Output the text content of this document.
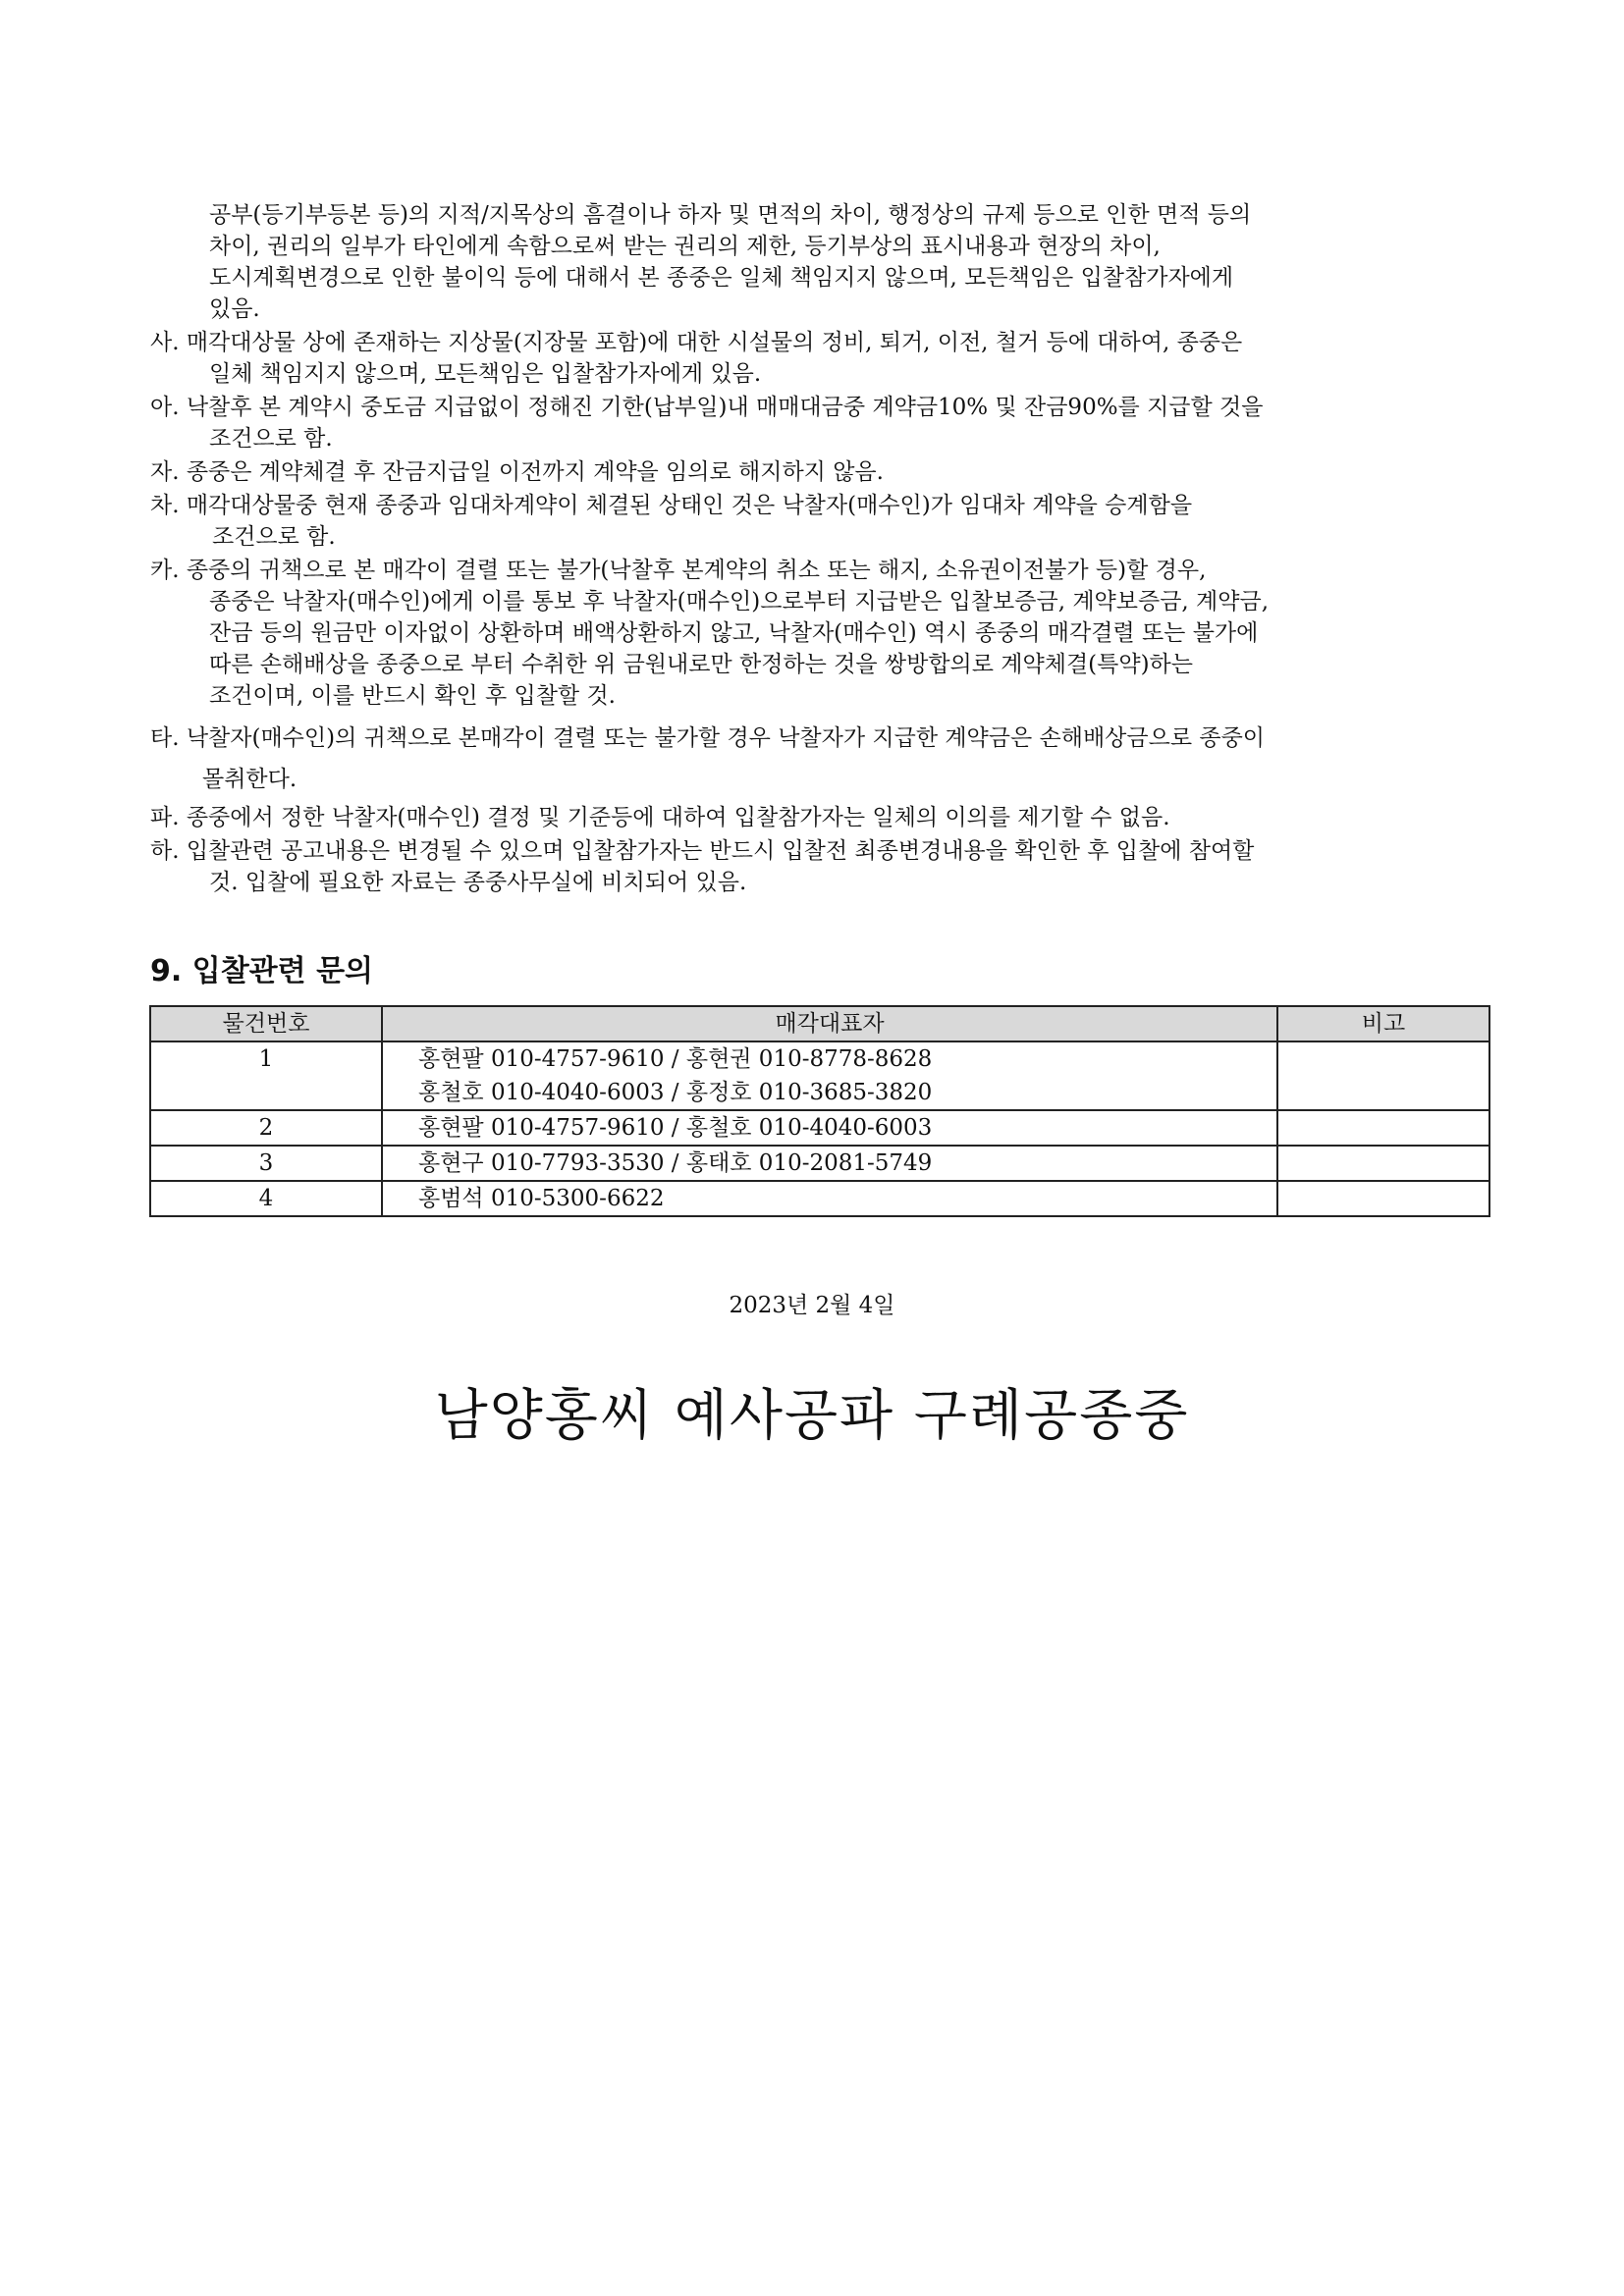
공부(등기부등본 등)의 지적/지목상의 흠결이나 하자 및 면적의 차이, 행정상의 규제 등으로 인한 면적 등의
차이, 권리의 일부가 타인에게 속함으로써 받는 권리의 제한, 등기부상의 표시내용과 현장의 차이,
도시계획변경으로 인한 불이익 등에 대해서 본 종중은 일체 책임지지 않으며, 모든책임은 입찰참가자에게
있음.
사. 매각대상물 상에 존재하는 지상물(지장물 포함)에 대한 시설물의 정비, 퇴거, 이전, 철거 등에 대하여, 종중은
일체 책임지지 않으며, 모든책임은 입찰참가자에게 있음.
아. 낙찰후 본 계약시 중도금 지급없이 정해진 기한(납부일)내 매매대금중 계약금10% 및 잔금90%를 지급할 것을
조건으로 함.
자. 종중은 계약체결 후 잔금지급일 이전까지 계약을 임의로 해지하지 않음.
차. 매각대상물중 현재 종중과 임대차계약이 체결된 상태인 것은 낙찰자(매수인)가 임대차 계약을 승계함을
조건으로 함.
카. 종중의 귀책으로 본 매각이 결렬 또는 불가(낙찰후 본계약의 취소 또는 해지, 소유권이전불가 등)할 경우,
종중은 낙찰자(매수인)에게 이를 통보 후 낙찰자(매수인)으로부터 지급받은 입찰보증금, 계약보증금, 계약금,
잔금 등의 원금만 이자없이 상환하며 배액상환하지 않고, 낙찰자(매수인) 역시 종중의 매각결렬 또는 불가에
따른 손해배상을 종중으로 부터 수취한 위 금원내로만 한정하는 것을 쌍방합의로 계약체결(특약)하는
조건이며, 이를 반드시 확인 후 입찰할 것.
타. 낙찰자(매수인)의 귀책으로 본매각이 결렬 또는 불가할 경우 낙찰자가 지급한 계약금은 손해배상금으로 종중이
몰취한다.
파. 종중에서 정한 낙찰자(매수인) 결정 및 기준등에 대하여 입찰참가자는 일체의 이의를 제기할 수 없음.
하. 입찰관련 공고내용은 변경될 수 있으며 입찰참가자는 반드시 입찰전 최종변경내용을 확인한 후 입찰에 참여할
것. 입찰에 필요한 자료는 종중사무실에 비치되어 있음.
9. 입찰관련 문의
물건번호	매각대표자	비고
1	홍현팔 010-4757-9610 / 홍현권 010-8778-8628
홍철호 010-4040-6003 / 홍정호 010-3685-3820	

2	홍현팔 010-4757-9610 / 홍철호 010-4040-6003	

3	홍현구 010-7793-3530 / 홍태호 010-2081-5749	

4	홍범석 010-5300-6622	

2023년 2월 4일
남양홍씨 예사공파 구례공종중
